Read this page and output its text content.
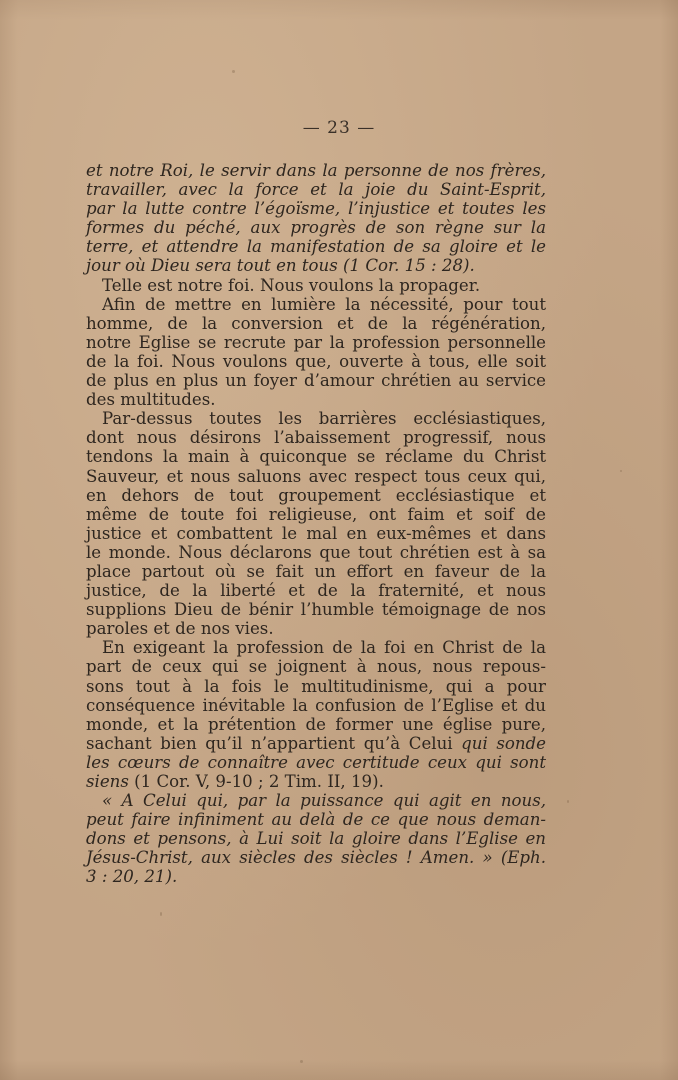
— 23 —
et notre Roi, le servir dans la personne de nos frères,
travailler, avec la force et la joie du Saint-Esprit,
par la lutte contre l’égoïsme, l’injustice et toutes les
formes du péché, aux progrès de son règne sur la
terre, et attendre la manifestation de sa gloire et le
jour où Dieu sera tout en tous (1 Cor. 15 : 28).
Telle est notre foi. Nous voulons la propager.
Afin de mettre en lumière la nécessité, pour tout
homme, de la conversion et de la régénération,
notre Eglise se recrute par la profession personnelle
de la foi. Nous voulons que, ouverte à tous, elle soit
de plus en plus un foyer d’amour chrétien au service
des multitudes.
Par-dessus toutes les barrières ecclésiastiques,
dont nous désirons l’abaissement progressif, nous
tendons la main à quiconque se réclame du Christ
Sauveur, et nous saluons avec respect tous ceux qui,
en dehors de tout groupement ecclésiastique et
même de toute foi religieuse, ont faim et soif de
justice et combattent le mal en eux-mêmes et dans
le monde. Nous déclarons que tout chrétien est à sa
place partout où se fait un effort en faveur de la
justice, de la liberté et de la fraternité, et nous
supplions Dieu de bénir l’humble témoignage de nos
paroles et de nos vies.
En exigeant la profession de la foi en Christ de la
part de ceux qui se joignent à nous, nous repous-
sons tout à la fois le multitudinisme, qui a pour
conséquence inévitable la confusion de l’Eglise et du
monde, et la prétention de former une église pure,
sachant bien qu’il n’appartient qu’à Celui qui sonde
les cœurs de connaître avec certitude ceux qui sont
siens (1 Cor. V, 9-10 ; 2 Tim. II, 19).
« A Celui qui, par la puissance qui agit en nous,
peut faire infiniment au delà de ce que nous deman-
dons et pensons, à Lui soit la gloire dans l’Eglise en
Jésus-Christ, aux siècles des siècles ! Amen. » (Eph.
3 : 20, 21).
